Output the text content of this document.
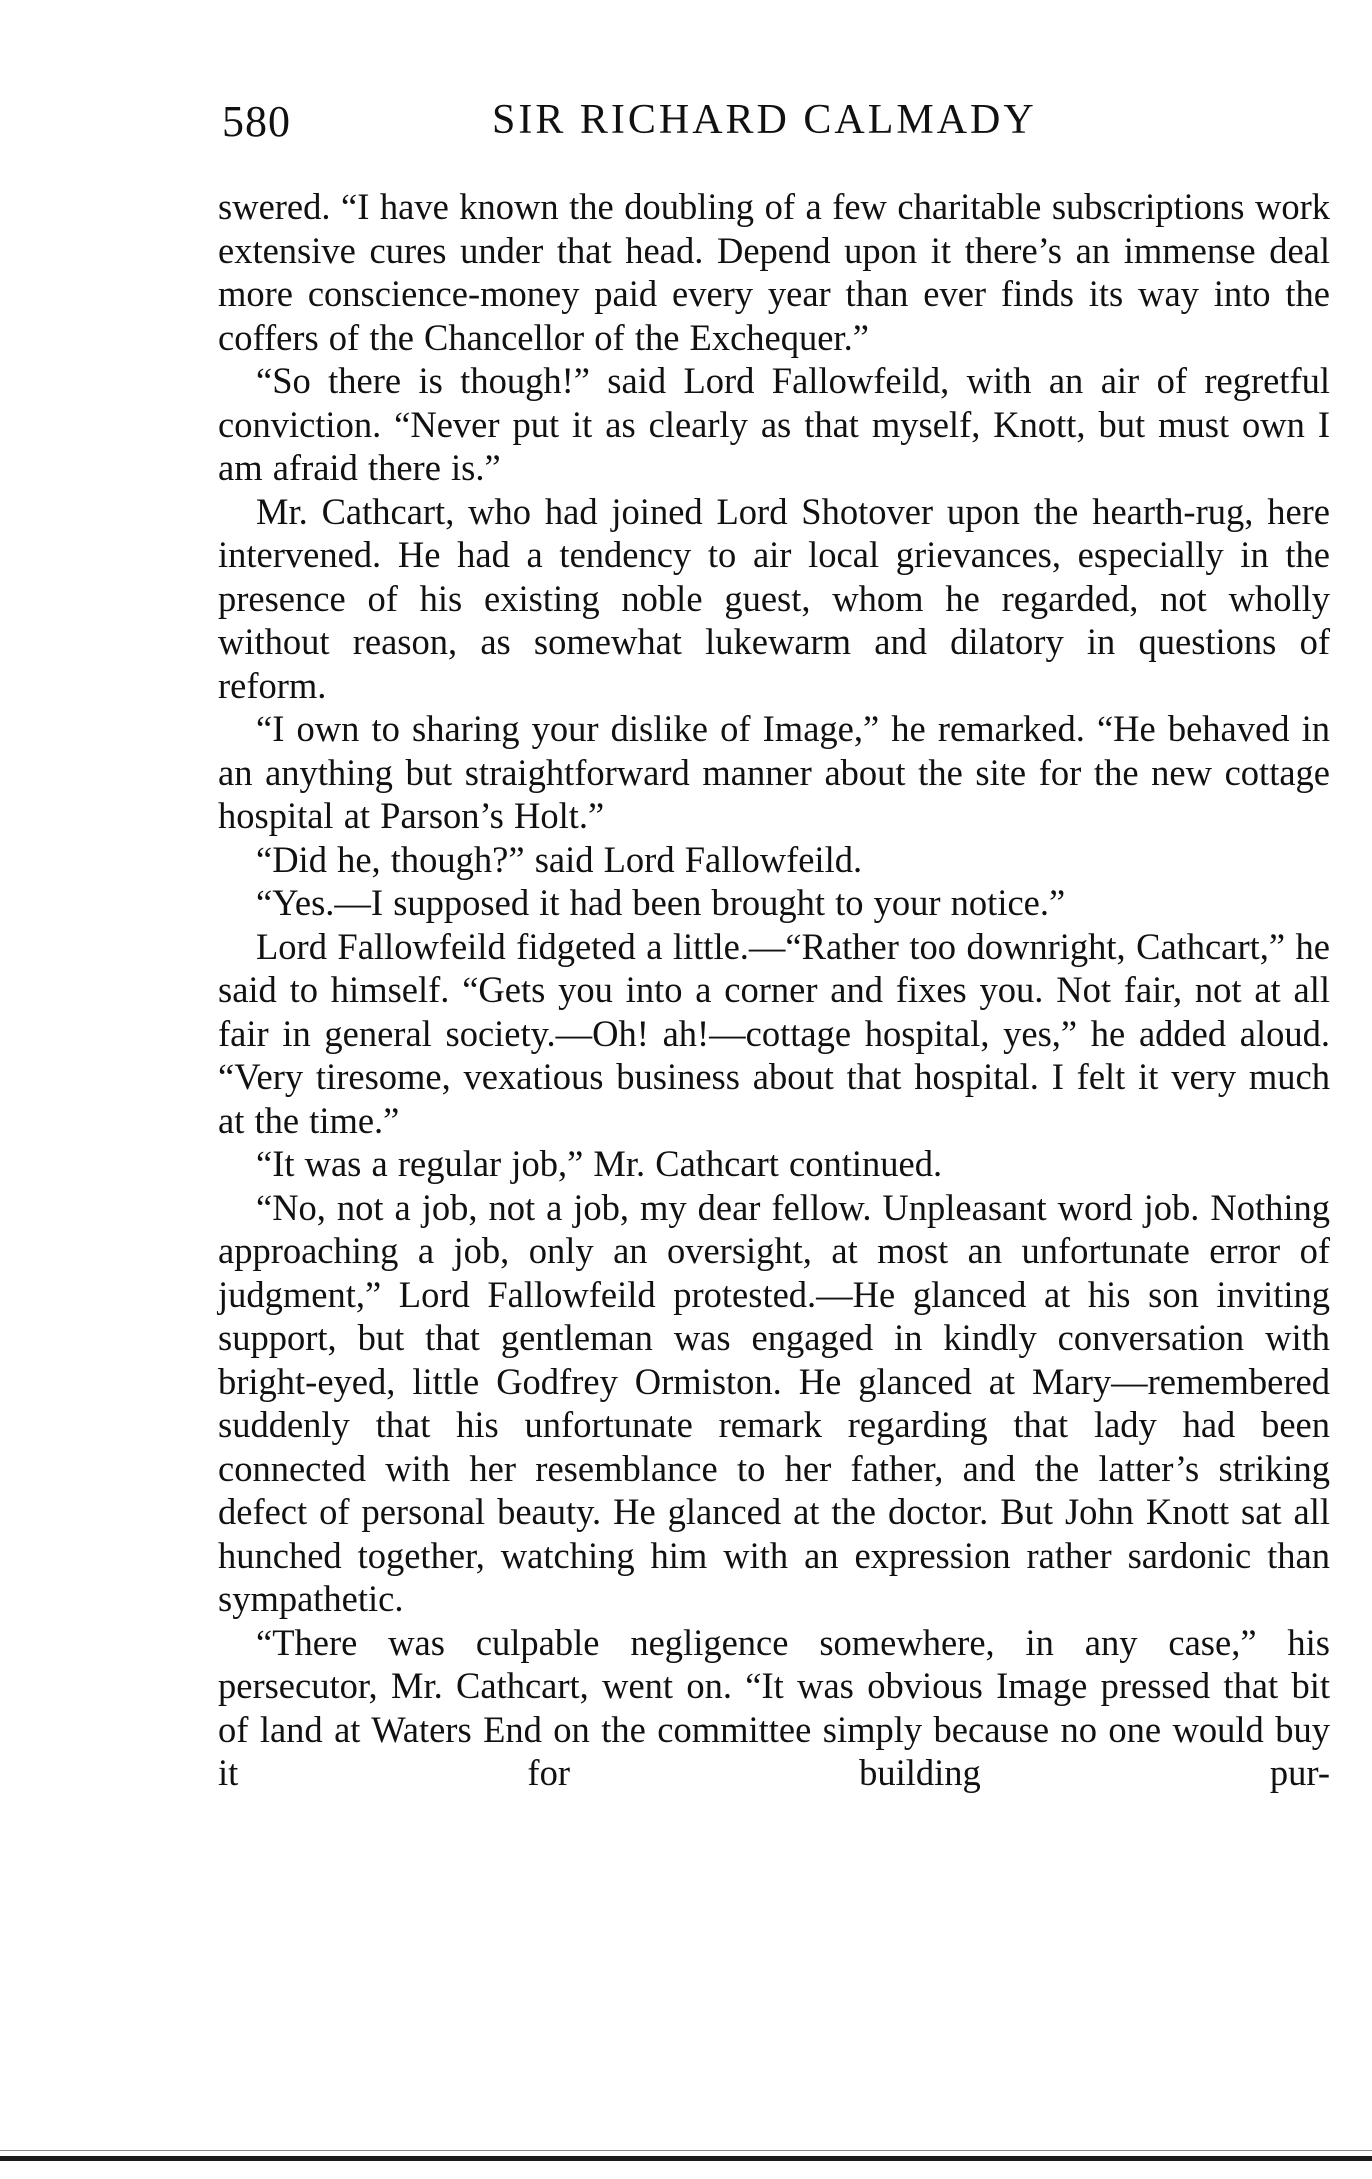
580	SIR RICHARD CALMADY

swered. “I have known the doubling of a few charitable subscriptions work extensive cures under that head. Depend upon it there’s an immense deal more conscience-money paid every year than ever finds its way into the coffers of the Chancellor of the Exchequer.”

“So there is though!” said Lord Fallowfeild, with an air of regretful conviction. “Never put it as clearly as that myself, Knott, but must own I am afraid there is.”

Mr. Cathcart, who had joined Lord Shotover upon the hearth-rug, here intervened. He had a tendency to air local grievances, especially in the presence of his existing noble guest, whom he regarded, not wholly without reason, as somewhat lukewarm and dilatory in questions of reform.

“I own to sharing your dislike of Image,” he remarked. “He behaved in an anything but straightforward manner about the site for the new cottage hospital at Parson’s Holt.”

“Did he, though?” said Lord Fallowfeild.

“Yes.—I supposed it had been brought to your notice.”

Lord Fallowfeild fidgeted a little.—“Rather too downright, Cathcart,” he said to himself. “Gets you into a corner and fixes you. Not fair, not at all fair in general society.—Oh! ah!—cottage hospital, yes,” he added aloud. “Very tiresome, vexatious business about that hospital. I felt it very much at the time.”

“It was a regular job,” Mr. Cathcart continued.

“No, not a job, not a job, my dear fellow. Unpleasant word job. Nothing approaching a job, only an oversight, at most an unfortunate error of judgment,” Lord Fallowfeild protested.—He glanced at his son inviting support, but that gentleman was engaged in kindly conversation with bright-eyed, little Godfrey Ormiston. He glanced at Mary—remembered suddenly that his unfortunate remark regarding that lady had been connected with her resemblance to her father, and the latter’s striking defect of personal beauty. He glanced at the doctor. But John Knott sat all hunched together, watching him with an expression rather sardonic than sympathetic.

“There was culpable negligence somewhere, in any case,” his persecutor, Mr. Cathcart, went on. “It was obvious Image pressed that bit of land at Waters End on the committee simply because no one would buy it for building pur-
